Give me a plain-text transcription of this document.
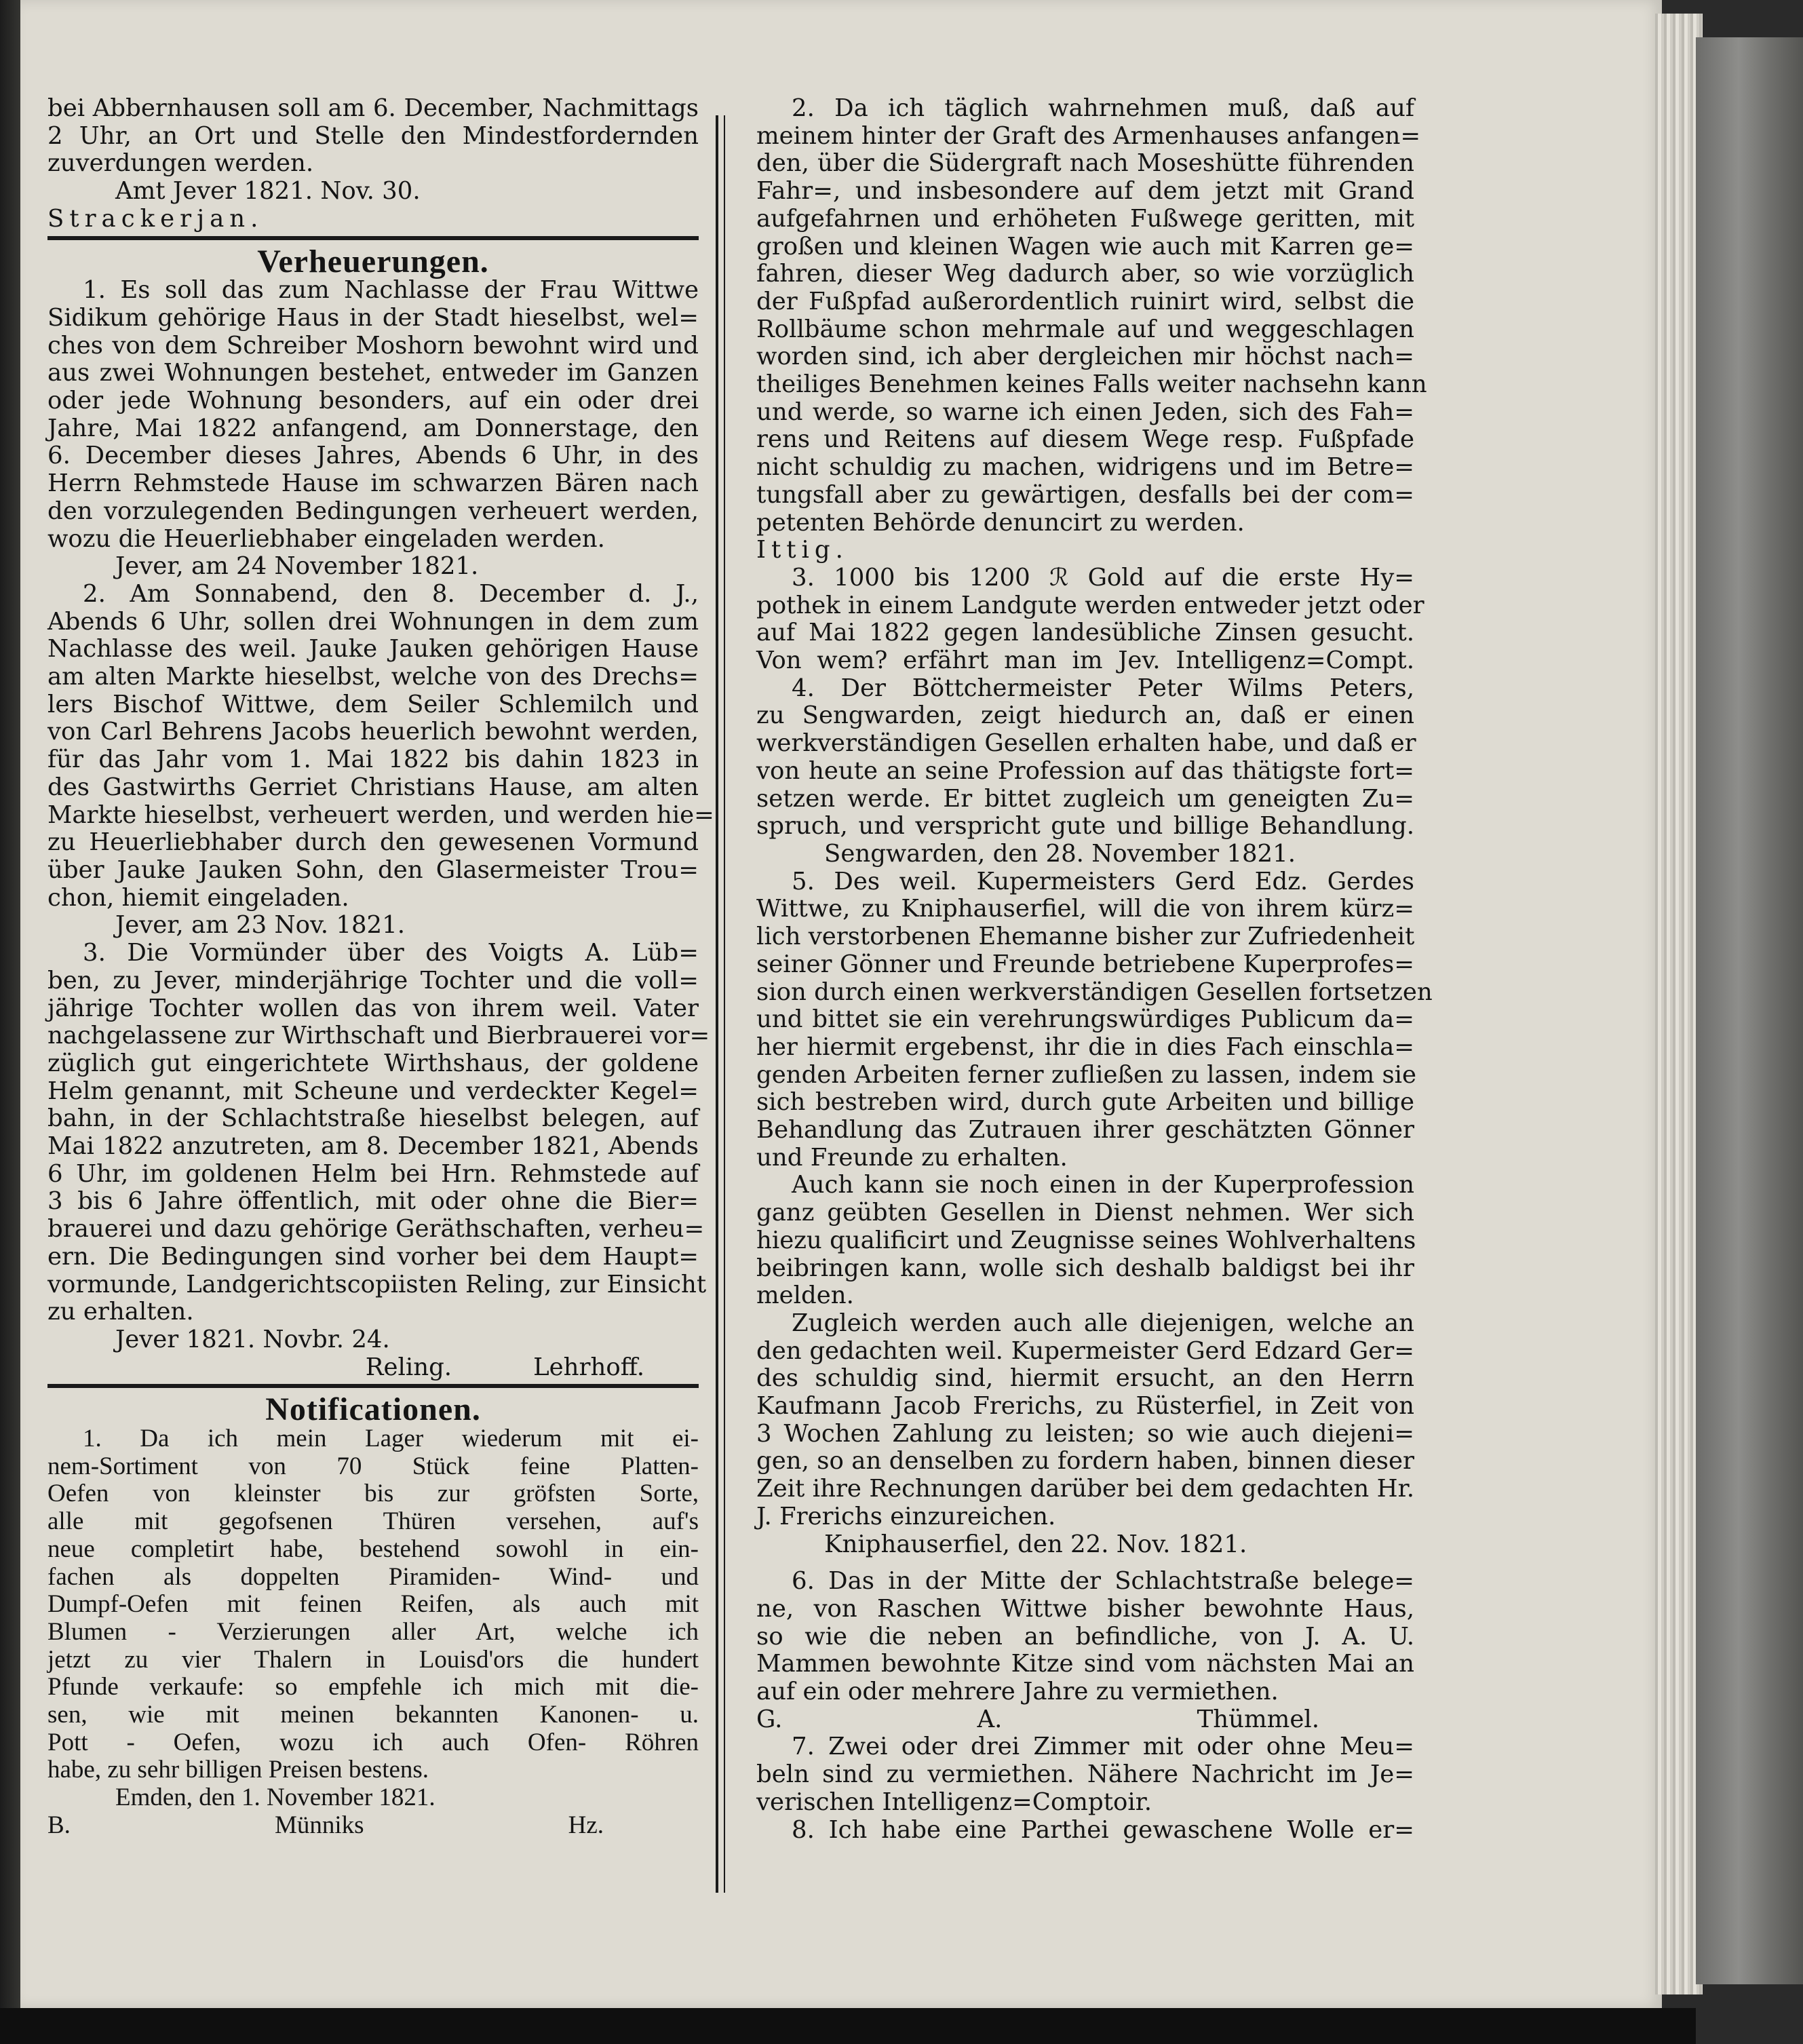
bei Abbernhausen soll am 6. December, Nachmittags

2 Uhr, an Ort und Stelle den Mindestfordernden

zuverdungen werden.

Amt Jever 1821. Nov. 30.

Strackerjan.

Verheuerungen.

1. Es soll das zum Nachlasse der Frau Wittwe

Sidikum gehörige Haus in der Stadt hieselbst, wel=

ches von dem Schreiber Moshorn bewohnt wird und

aus zwei Wohnungen bestehet, entweder im Ganzen

oder jede Wohnung besonders, auf ein oder drei

Jahre, Mai 1822 anfangend, am Donnerstage, den

6. December dieses Jahres, Abends 6 Uhr, in des

Herrn Rehmstede Hause im schwarzen Bären nach

den vorzulegenden Bedingungen verheuert werden,

wozu die Heuerliebhaber eingeladen werden.

Jever, am 24 November 1821.

2. Am Sonnabend, den 8. December d. J.,

Abends 6 Uhr, sollen drei Wohnungen in dem zum

Nachlasse des weil. Jauke Jauken gehörigen Hause

am alten Markte hieselbst, welche von des Drechs=

lers Bischof Wittwe, dem Seiler Schlemilch und

von Carl Behrens Jacobs heuerlich bewohnt werden,

für das Jahr vom 1. Mai 1822 bis dahin 1823 in

des Gastwirths Gerriet Christians Hause, am alten

Markte hieselbst, verheuert werden, und werden hie=

zu Heuerliebhaber durch den gewesenen Vormund

über Jauke Jauken Sohn, den Glasermeister Trou=

chon, hiemit eingeladen.

Jever, am 23 Nov. 1821.

3. Die Vormünder über des Voigts A. Lüb=

ben, zu Jever, minderjährige Tochter und die voll=

jährige Tochter wollen das von ihrem weil. Vater

nachgelassene zur Wirthschaft und Bierbrauerei vor=

züglich gut eingerichtete Wirthshaus, der goldene

Helm genannt, mit Scheune und verdeckter Kegel=

bahn, in der Schlachtstraße hieselbst belegen, auf

Mai 1822 anzutreten, am 8. December 1821, Abends

6 Uhr, im goldenen Helm bei Hrn. Rehmstede auf

3 bis 6 Jahre öffentlich, mit oder ohne die Bier=

brauerei und dazu gehörige Geräthschaften, verheu=

ern. Die Bedingungen sind vorher bei dem Haupt=

vormunde, Landgerichtscopiisten Reling, zur Einsicht

zu erhalten.

Jever 1821. Novbr. 24.

Reling.	Lehrhoff.

Notificationen.

1. Da ich mein Lager wiederum mit ei-

nem-Sortiment von 70 Stück feine Platten-

Oefen von kleinster bis zur gröfsten Sorte,

alle mit gegofsenen Thüren versehen, auf's

neue completirt habe, bestehend sowohl in ein-

fachen als doppelten Piramiden- Wind- und

Dumpf-Oefen mit feinen Reifen, als auch mit

Blumen - Verzierungen aller Art, welche ich

jetzt zu vier Thalern in Louisd'ors die hundert

Pfunde verkaufe: so empfehle ich mich mit die-

sen, wie mit meinen bekannten Kanonen- u.

Pott - Oefen, wozu ich auch Ofen- Röhren

habe, zu sehr billigen Preisen bestens.

Emden, den 1. November 1821.

B. Münniks Hz.

2. Da ich täglich wahrnehmen muß, daß auf

meinem hinter der Graft des Armenhauses anfangen=

den, über die Südergraft nach Moseshütte führenden

Fahr=, und insbesondere auf dem jetzt mit Grand

aufgefahrnen und erhöheten Fußwege geritten, mit

großen und kleinen Wagen wie auch mit Karren ge=

fahren, dieser Weg dadurch aber, so wie vorzüglich

der Fußpfad außerordentlich ruinirt wird, selbst die

Rollbäume schon mehrmale auf und weggeschlagen

worden sind, ich aber dergleichen mir höchst nach=

theiliges Benehmen keines Falls weiter nachsehn kann

und werde, so warne ich einen Jeden, sich des Fah=

rens und Reitens auf diesem Wege resp. Fußpfade

nicht schuldig zu machen, widrigens und im Betre=

tungsfall aber zu gewärtigen, desfalls bei der com=

petenten Behörde denuncirt zu werden.

Ittig.

3. 1000 bis 1200 ℛ Gold auf die erste Hy=

pothek in einem Landgute werden entweder jetzt oder

auf Mai 1822 gegen landesübliche Zinsen gesucht.

Von wem? erfährt man im Jev. Intelligenz=Compt.

4. Der Böttchermeister Peter Wilms Peters,

zu Sengwarden, zeigt hiedurch an, daß er einen

werkverständigen Gesellen erhalten habe, und daß er

von heute an seine Profession auf das thätigste fort=

setzen werde. Er bittet zugleich um geneigten Zu=

spruch, und verspricht gute und billige Behandlung.

Sengwarden, den 28. November 1821.

5. Des weil. Kupermeisters Gerd Edz. Gerdes

Wittwe, zu Kniphauserfiel, will die von ihrem kürz=

lich verstorbenen Ehemanne bisher zur Zufriedenheit

seiner Gönner und Freunde betriebene Kuperprofes=

sion durch einen werkverständigen Gesellen fortsetzen

und bittet sie ein verehrungswürdiges Publicum da=

her hiermit ergebenst, ihr die in dies Fach einschla=

genden Arbeiten ferner zufließen zu lassen, indem sie

sich bestreben wird, durch gute Arbeiten und billige

Behandlung das Zutrauen ihrer geschätzten Gönner

und Freunde zu erhalten.

Auch kann sie noch einen in der Kuperprofession

ganz geübten Gesellen in Dienst nehmen. Wer sich

hiezu qualificirt und Zeugnisse seines Wohlverhaltens

beibringen kann, wolle sich deshalb baldigst bei ihr

melden.

Zugleich werden auch alle diejenigen, welche an

den gedachten weil. Kupermeister Gerd Edzard Ger=

des schuldig sind, hiermit ersucht, an den Herrn

Kaufmann Jacob Frerichs, zu Rüsterfiel, in Zeit von

3 Wochen Zahlung zu leisten; so wie auch diejeni=

gen, so an denselben zu fordern haben, binnen dieser

Zeit ihre Rechnungen darüber bei dem gedachten Hr.

J. Frerichs einzureichen.

Kniphauserfiel, den 22. Nov. 1821.

6. Das in der Mitte der Schlachtstraße belege=

ne, von Raschen Wittwe bisher bewohnte Haus,

so wie die neben an befindliche, von J. A. U.

Mammen bewohnte Kitze sind vom nächsten Mai an

auf ein oder mehrere Jahre zu vermiethen.

G. A. Thümmel.

7. Zwei oder drei Zimmer mit oder ohne Meu=

beln sind zu vermiethen. Nähere Nachricht im Je=

verischen Intelligenz=Comptoir.

8. Ich habe eine Parthei gewaschene Wolle er=
